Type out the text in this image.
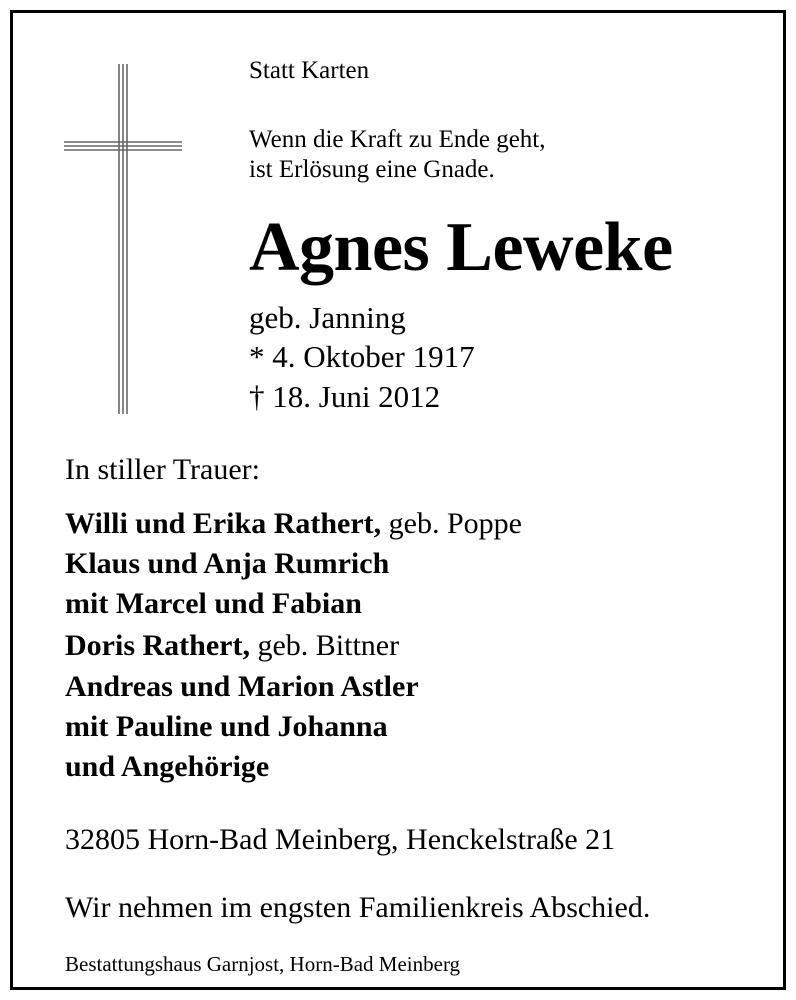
Statt Karten
Wenn die Kraft zu Ende geht,
ist Erlösung eine Gnade.
Agnes Leweke
geb. Janning
* 4. Oktober 1917
† 18. Juni 2012
In stiller Trauer:
Willi und Erika Rathert, geb. Poppe
Klaus und Anja Rumrich
mit Marcel und Fabian
Doris Rathert, geb. Bittner
Andreas und Marion Astler
mit Pauline und Johanna
und Angehörige
32805 Horn-Bad Meinberg, Henckelstraße 21
Wir nehmen im engsten Familienkreis Abschied.
Bestattungshaus Garnjost, Horn-Bad Meinberg
